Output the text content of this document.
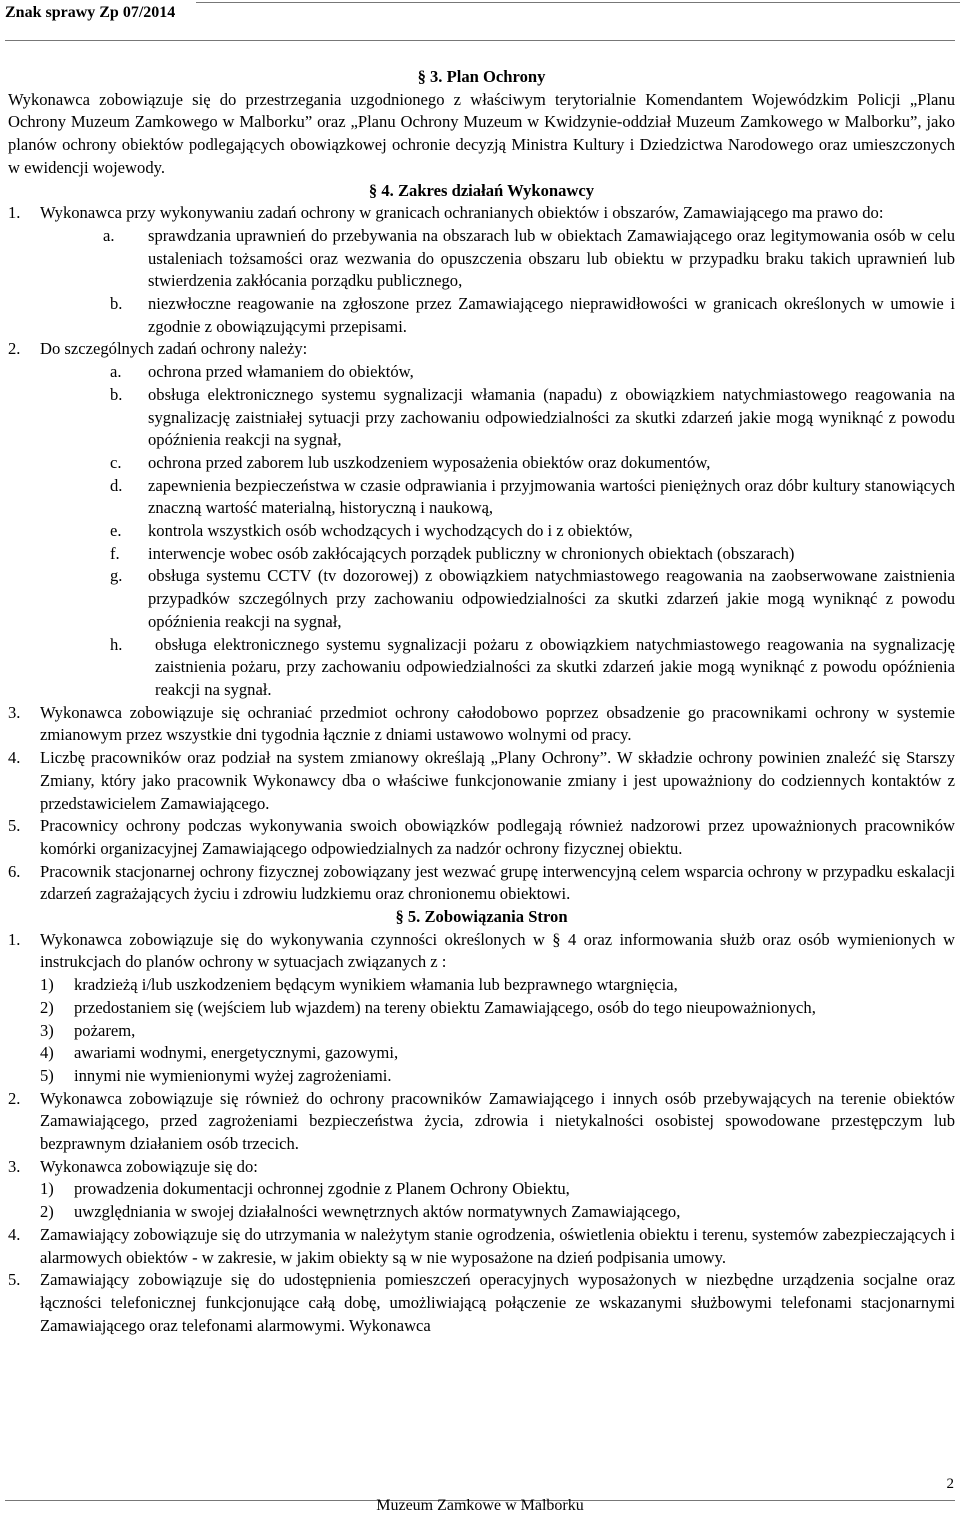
Znak sprawy Zp 07/2014

§ 3. Plan Ochrony

Wykonawca zobowiązuje się do przestrzegania uzgodnionego z właściwym terytorialnie Komendantem Wojewódzkim Policji „Planu Ochrony Muzeum Zamkowego w Malborku” oraz „Planu Ochrony Muzeum w Kwidzynie-oddział Muzeum Zamkowego w Malborku”, jako planów ochrony obiektów podlegających obowiązkowej ochronie decyzją Ministra Kultury i Dziedzictwa Narodowego oraz umieszczonych w ewidencji wojewody.

§ 4. Zakres działań Wykonawcy

1.	Wykonawca przy wykonywaniu zadań ochrony w granicach ochranianych obiektów i obszarów, Zamawiającego ma prawo do:
a.	sprawdzania uprawnień do przebywania na obszarach lub w obiektach Zamawiającego oraz legitymowania osób w celu ustaleniach tożsamości oraz wezwania do opuszczenia obszaru lub obiektu w przypadku braku takich uprawnień lub stwierdzenia zakłócania porządku publicznego,
b.	niezwłoczne reagowanie na zgłoszone przez Zamawiającego nieprawidłowości w granicach określonych w umowie i zgodnie z obowiązującymi przepisami.
2.	Do szczególnych zadań ochrony należy:
a.	ochrona przed włamaniem do obiektów,
b.	obsługa elektronicznego systemu sygnalizacji włamania (napadu) z obowiązkiem natychmiastowego reagowania na sygnalizację zaistniałej sytuacji przy zachowaniu odpowiedzialności za skutki zdarzeń jakie mogą wyniknąć z powodu opóźnienia reakcji na sygnał,
c.	ochrona przed zaborem lub uszkodzeniem wyposażenia obiektów oraz dokumentów,
d.	zapewnienia bezpieczeństwa w czasie odprawiania i przyjmowania wartości pieniężnych oraz dóbr kultury stanowiących znaczną wartość materialną, historyczną i naukową,
e.	kontrola wszystkich osób wchodzących i wychodzących do i z obiektów,
f.	interwencje wobec osób zakłócających porządek publiczny w chronionych obiektach (obszarach)
g.	obsługa systemu CCTV (tv dozorowej) z obowiązkiem natychmiastowego reagowania na zaobserwowane zaistnienia przypadków szczególnych przy zachowaniu odpowiedzialności za skutki zdarzeń jakie mogą wyniknąć z powodu opóźnienia reakcji na sygnał,
h.	obsługa elektronicznego systemu sygnalizacji pożaru z obowiązkiem natychmiastowego reagowania na sygnalizację zaistnienia pożaru, przy zachowaniu odpowiedzialności za skutki zdarzeń jakie mogą wyniknąć z powodu opóźnienia reakcji na sygnał.
3.	Wykonawca zobowiązuje się ochraniać przedmiot ochrony całodobowo poprzez obsadzenie go pracownikami ochrony w systemie zmianowym przez wszystkie dni tygodnia łącznie z dniami ustawowo wolnymi od pracy.
4.	Liczbę pracowników oraz podział na system zmianowy określają „Plany Ochrony”. W składzie ochrony powinien znaleźć się Starszy Zmiany, który jako pracownik Wykonawcy dba o właściwe funkcjonowanie zmiany i jest upoważniony do codziennych kontaktów z przedstawicielem Zamawiającego.
5.	Pracownicy ochrony podczas wykonywania swoich obowiązków podlegają również nadzorowi przez upoważnionych pracowników komórki organizacyjnej Zamawiającego odpowiedzialnych za nadzór ochrony fizycznej obiektu.
6.	Pracownik stacjonarnej ochrony fizycznej zobowiązany jest wezwać grupę interwencyjną celem wsparcia ochrony w przypadku eskalacji zdarzeń zagrażających życiu i zdrowiu ludzkiemu oraz chronionemu obiektowi.

§ 5. Zobowiązania Stron

1.	Wykonawca zobowiązuje się do wykonywania czynności określonych w § 4 oraz informowania służb oraz osób wymienionych w instrukcjach do planów ochrony w sytuacjach związanych z :
1)	kradzieżą i/lub uszkodzeniem będącym wynikiem włamania lub bezprawnego wtargnięcia,
2)	przedostaniem się (wejściem lub wjazdem) na tereny obiektu Zamawiającego, osób do tego nieupoważnionych,
3)	pożarem,
4)	awariami wodnymi, energetycznymi, gazowymi,
5)	innymi nie wymienionymi wyżej zagrożeniami.
2.	Wykonawca zobowiązuje się również do ochrony pracowników Zamawiającego i innych osób przebywających na terenie obiektów Zamawiającego, przed zagrożeniami bezpieczeństwa życia, zdrowia i nietykalności osobistej spowodowane przestępczym lub bezprawnym działaniem osób trzecich.
3.	Wykonawca zobowiązuje się do:
1)	prowadzenia dokumentacji ochronnej zgodnie z Planem Ochrony Obiektu,
2)	uwzględniania w swojej działalności wewnętrznych aktów normatywnych Zamawiającego,
4.	Zamawiający zobowiązuje się do utrzymania w należytym stanie ogrodzenia, oświetlenia obiektu i terenu, systemów zabezpieczających i alarmowych obiektów - w zakresie, w jakim obiekty są w nie wyposażone na dzień podpisania umowy.
5.	Zamawiający zobowiązuje się do udostępnienia pomieszczeń operacyjnych wyposażonych w niezbędne urządzenia socjalne oraz łączności telefonicznej funkcjonujące całą dobę, umożliwiającą połączenie ze wskazanymi służbowymi telefonami stacjonarnymi Zamawiającego oraz telefonami alarmowymi. Wykonawca
2
Muzeum Zamkowe w Malborku
